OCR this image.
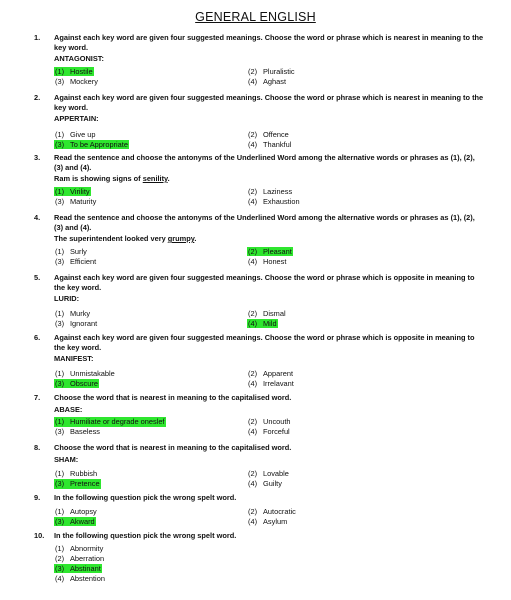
GENERAL ENGLISH
1. Against each key word are given four suggested meanings. Choose the word or phrase which is nearest in meaning to the key word.
ANTAGONIST:
(1) Hostile	(2) Pluralistic
(3) Mockery	(4) Aghast
2. Against each key word are given four suggested meanings. Choose the word or phrase which is nearest in meaning to the key word.
APPERTAIN:
(1) Give up	(2) Offence
(3) To be Appropriate	(4) Thankful
3. Read the sentence and choose the antonyms of the Underlined Word among the alternative words or phrases as (1), (2), (3) and (4).
Ram is showing signs of senility.
(1) Virility	(2) Laziness
(3) Maturity	(4) Exhaustion
4. Read the sentence and choose the antonyms of the Underlined Word among the alternative words or phrases as (1), (2), (3) and (4).
The superintendent looked very grumpy.
(1) Surly	(2) Pleasant
(3) Efficient	(4) Honest
5. Against each key word are given four suggested meanings. Choose the word or phrase which is opposite in meaning to the key word.
LURID:
(1) Murky	(2) Dismal
(3) Ignorant	(4) Mild
6. Against each key word are given four suggested meanings. Choose the word or phrase which is opposite in meaning to the key word.
MANIFEST:
(1) Unmistakable	(2) Apparent
(3) Obscure	(4) Irrelavant
7. Choose the word that is nearest in meaning to the capitalised word.
ABASE:
(1) Humiliate or degrade oneslef	(2) Uncouth
(3) Baseless	(4) Forceful
8. Choose the word that is nearest in meaning to the capitalised word.
SHAM:
(1) Rubbish	(2) Lovable
(3) Pretence	(4) Guilty
9. In the following question pick the wrong spelt word.
(1) Autopsy	(2) Autocratic
(3) Akward	(4) Asylum
10. In the following question pick the wrong spelt word.
(1) Abnormity
(2) Aberration
(3) Abstinant
(4) Abstention
